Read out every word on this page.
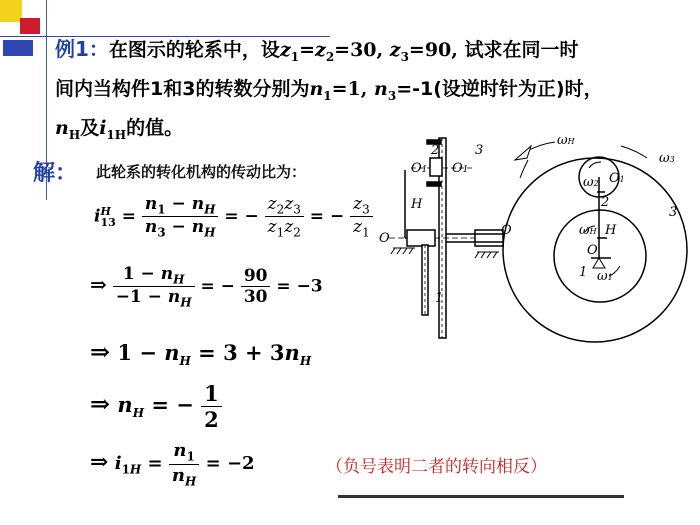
例1：在图示的轮系中，设$z_1=z_2=30$, $z_3=90$, 试求在同一时
间内当构件1和3的转数分别为$n_1=1$, $n_3=-1$(设逆时针为正)时，
$n_H$及$i_{1H}$的值。
解： 此轮系的转化机构的传动比为：
iH
$13 = \frac{n_1 - n_H}{n_3 - n_H}$ = − $\frac{z_2z_3}{z_1z_2}$ = − $\frac{z_3}{z_1}$
⇒ $\frac{1 - n_H}{-1 - n_H}$ = − $\frac{90}{30} = -3$
⇒ $1 - n_H = 3 + 3n_H$
⇒ $n_H$ = − $\frac{1}{2}$
⇒ $i_{1H} = \frac{n_1}{n_H} = -2$	（负号表明二者的转向相反）
2	3
O1 O1
H
O
O
1
ωH
ω3
3
ω2 O1
2
ωH H
O
1 ω1
